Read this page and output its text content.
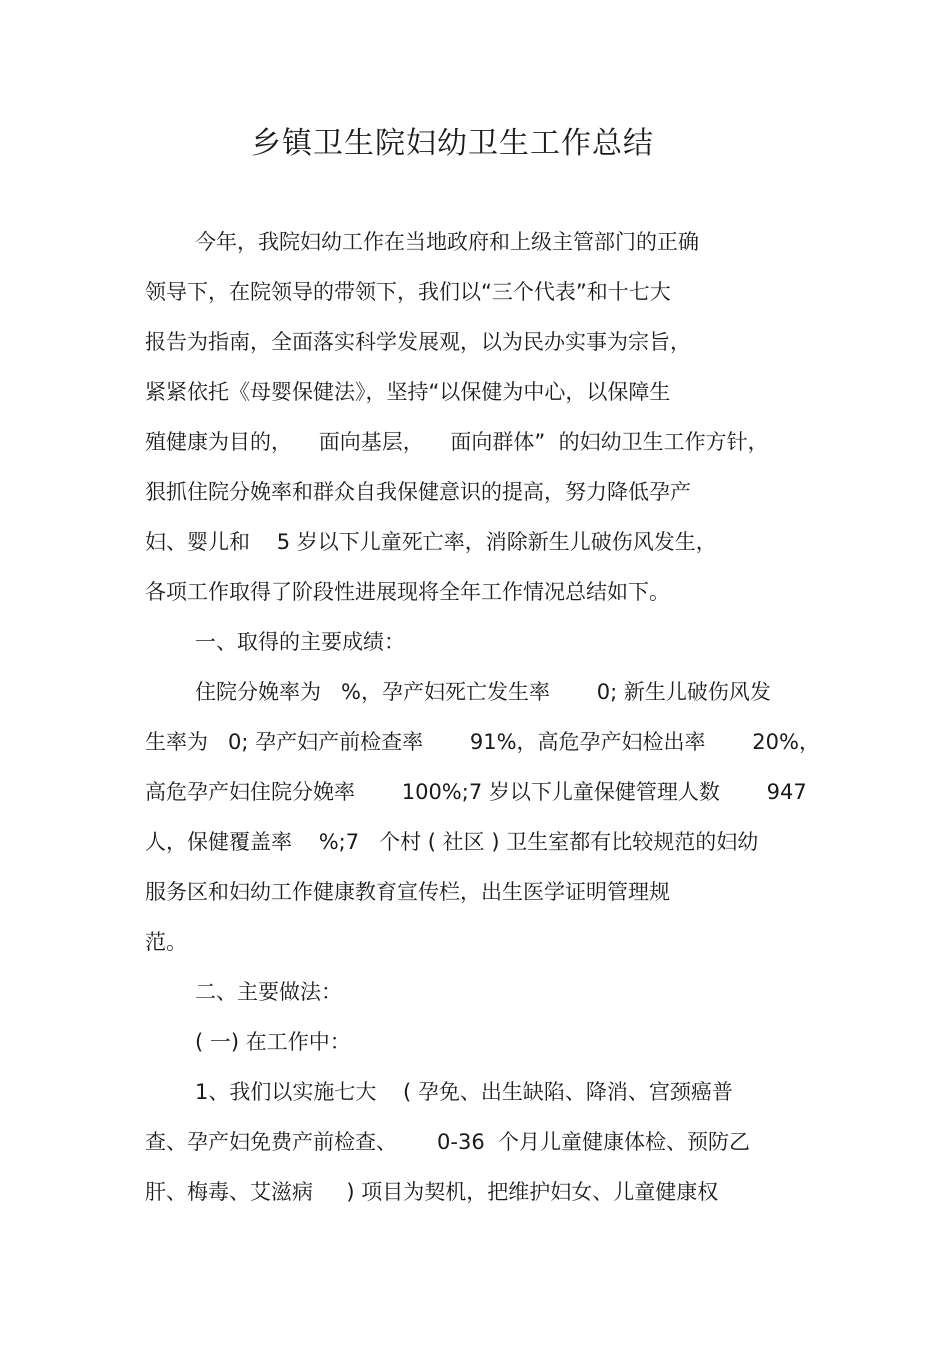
乡镇卫生院妇幼卫生工作总结

今年，我院妇幼工作在当地政府和上级主管部门的正确

领导下，在院领导的带领下，我们以“三个代表”和十七大

报告为指南，全面落实科学发展观，以为民办实事为宗旨，

紧紧依托《母婴保健法》，坚持“以保健为中心，以保障生

殖健康为目的，    面向基层，    面向群体”  的妇幼卫生工作方针，

狠抓住院分娩率和群众自我保健意识的提高，努力降低孕产

妇、婴儿和    5 岁以下儿童死亡率，消除新生儿破伤风发生，

各项工作取得了阶段性进展现将全年工作情况总结如下。

一、取得的主要成绩：

住院分娩率为   %，孕产妇死亡发生率       0; 新生儿破伤风发

生率为   0; 孕产妇产前检查率       91%，高危孕产妇检出率       20%，

高危孕产妇住院分娩率       100%;7 岁以下儿童保健管理人数       947

人，保健覆盖率    %;7   个村 ( 社区 ) 卫生室都有比较规范的妇幼

服务区和妇幼工作健康教育宣传栏，出生医学证明管理规

范。

二、主要做法：

( 一) 在工作中：

1、我们以实施七大    ( 孕免、出生缺陷、降消、宫颈癌普

查、孕产妇免费产前检查、      0-36  个月儿童健康体检、预防乙

肝、梅毒、艾滋病     ) 项目为契机，把维护妇女、儿童健康权
